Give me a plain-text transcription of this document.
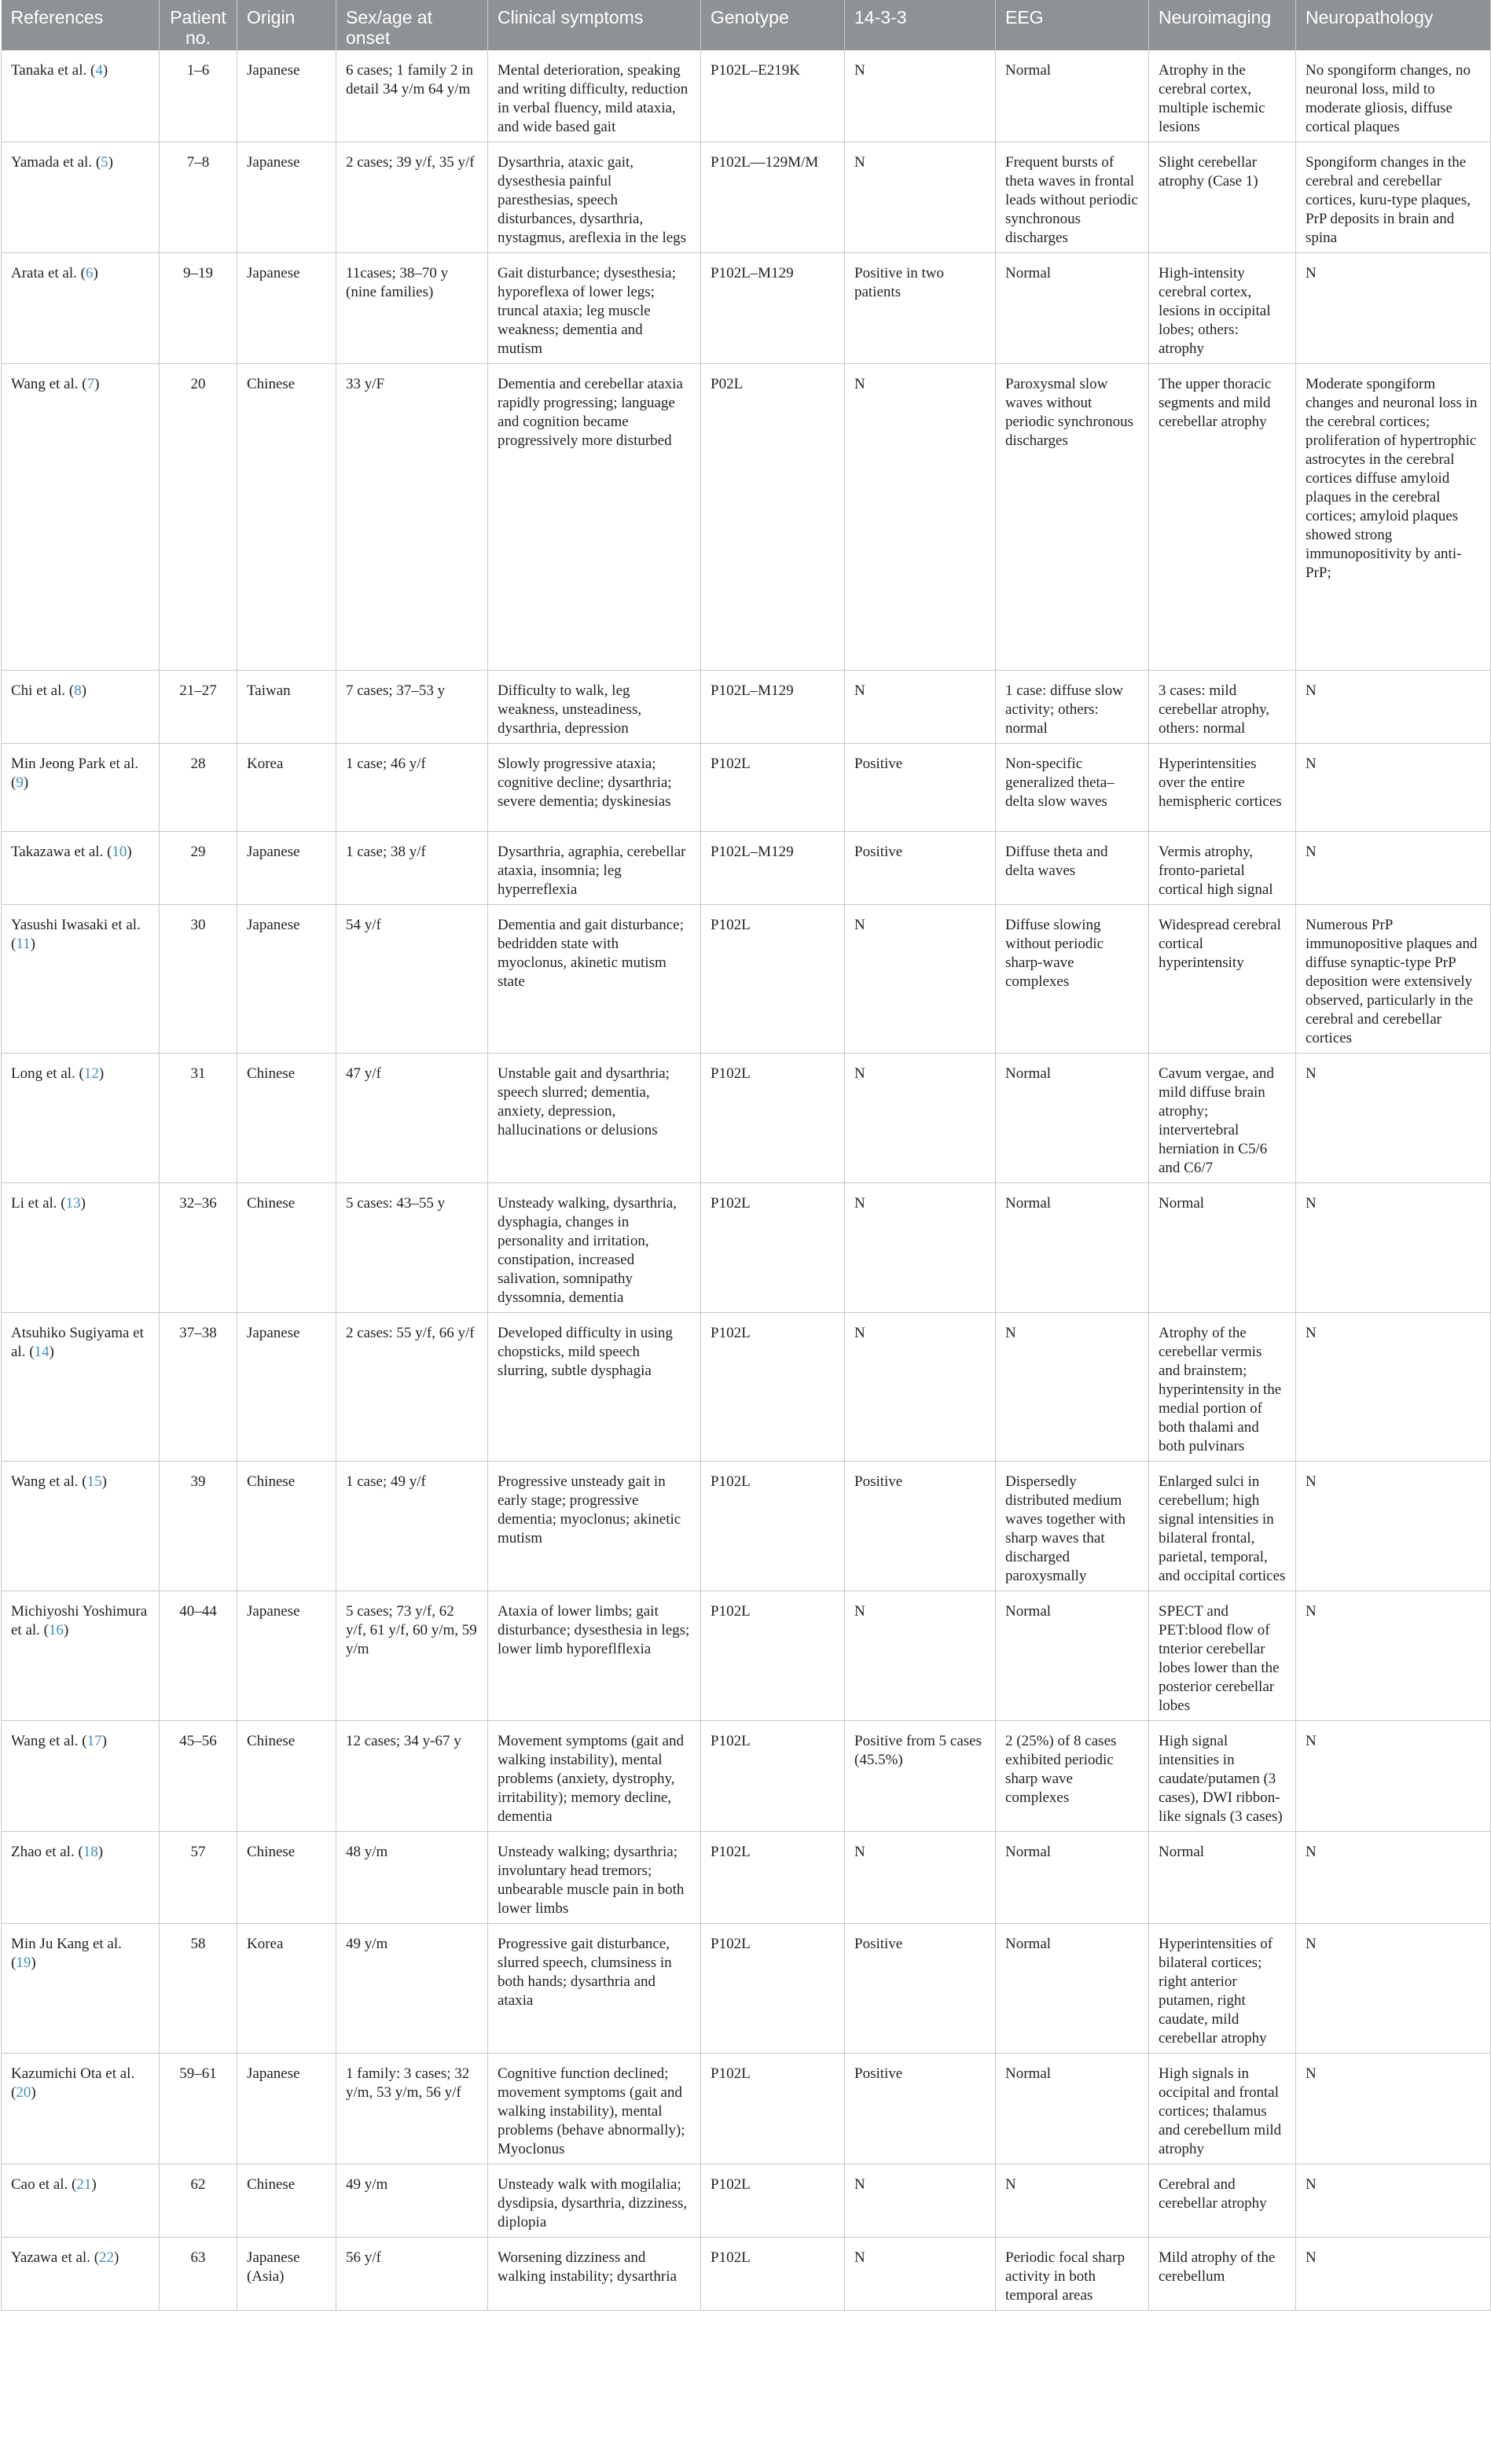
References	Patient no.	Origin	Sex/age at onset	Clinical symptoms	Genotype	14-3-3	EEG	Neuroimaging	Neuropathology
Tanaka et al. (4)	1–6	Japanese	6 cases; 1 family 2 in detail 34 y/m 64 y/m	Mental deterioration, speaking and writing difficulty, reduction in verbal fluency, mild ataxia, and wide based gait	P102L–E219K	N	Normal	Atrophy in the cerebral cortex, multiple ischemic lesions	No spongiform changes, no neuronal loss, mild to moderate gliosis, diffuse cortical plaques
Yamada et al. (5)	7–8	Japanese	2 cases; 39 y/f, 35 y/f	Dysarthria, ataxic gait, dysesthesia painful paresthesias, speech disturbances, dysarthria, nystagmus, areflexia in the legs	P102L—129M/M	N	Frequent bursts of theta waves in frontal leads without periodic synchronous discharges	Slight cerebellar atrophy (Case 1)	Spongiform changes in the cerebral and cerebellar cortices, kuru-type plaques, PrP deposits in brain and spina
Arata et al. (6)	9–19	Japanese	11cases; 38–70 y (nine families)	Gait disturbance; dysesthesia; hyporeflexa of lower legs; truncal ataxia; leg muscle weakness; dementia and mutism	P102L–M129	Positive in two patients	Normal	High-intensity cerebral cortex, lesions in occipital lobes; others: atrophy	N
Wang et al. (7)	20	Chinese	33 y/F	Dementia and cerebellar ataxia rapidly progressing; language and cognition became progressively more disturbed	P02L	N	Paroxysmal slow waves without periodic synchronous discharges	The upper thoracic segments and mild cerebellar atrophy	Moderate spongiform changes and neuronal loss in the cerebral cortices; proliferation of hypertrophic astrocytes in the cerebral cortices diffuse amyloid plaques in the cerebral cortices; amyloid plaques showed strong immunopositivity by anti-PrP;
Chi et al. (8)	21–27	Taiwan	7 cases; 37–53 y	Difficulty to walk, leg weakness, unsteadiness, dysarthria, depression	P102L–M129	N	1 case: diffuse slow activity; others: normal	3 cases: mild cerebellar atrophy, others: normal	N
Min Jeong Park et al. (9)	28	Korea	1 case; 46 y/f	Slowly progressive ataxia; cognitive decline; dysarthria; severe dementia; dyskinesias	P102L	Positive	Non-specific generalized theta–delta slow waves	Hyperintensities over the entire hemispheric cortices	N
Takazawa et al. (10)	29	Japanese	1 case; 38 y/f	Dysarthria, agraphia, cerebellar ataxia, insomnia; leg hyperreflexia	P102L–M129	Positive	Diffuse theta and delta waves	Vermis atrophy, fronto-parietal cortical high signal	N
Yasushi Iwasaki et al. (11)	30	Japanese	54 y/f	Dementia and gait disturbance; bedridden state with myoclonus, akinetic mutism state	P102L	N	Diffuse slowing without periodic sharp-wave complexes	Widespread cerebral cortical hyperintensity	Numerous PrP immunopositive plaques and diffuse synaptic-type PrP deposition were extensively observed, particularly in the cerebral and cerebellar cortices
Long et al. (12)	31	Chinese	47 y/f	Unstable gait and dysarthria; speech slurred; dementia, anxiety, depression, hallucinations or delusions	P102L	N	Normal	Cavum vergae, and mild diffuse brain atrophy; intervertebral herniation in C5/6 and C6/7	N
Li et al. (13)	32–36	Chinese	5 cases: 43–55 y	Unsteady walking, dysarthria, dysphagia, changes in personality and irritation, constipation, increased salivation, somnipathy dyssomnia, dementia	P102L	N	Normal	Normal	N
Atsuhiko Sugiyama et al. (14)	37–38	Japanese	2 cases: 55 y/f, 66 y/f	Developed difficulty in using chopsticks, mild speech slurring, subtle dysphagia	P102L	N	N	Atrophy of the cerebellar vermis and brainstem; hyperintensity in the medial portion of both thalami and both pulvinars	N
Wang et al. (15)	39	Chinese	1 case; 49 y/f	Progressive unsteady gait in early stage; progressive dementia; myoclonus; akinetic mutism	P102L	Positive	Dispersedly distributed medium waves together with sharp waves that discharged paroxysmally	Enlarged sulci in cerebellum; high signal intensities in bilateral frontal, parietal, temporal, and occipital cortices	N
Michiyoshi Yoshimura et al. (16)	40–44	Japanese	5 cases; 73 y/f, 62 y/f, 61 y/f, 60 y/m, 59 y/m	Ataxia of lower limbs; gait disturbance; dysesthesia in legs; lower limb hyporeflflexia	P102L	N	Normal	SPECT and PET:blood flow of tnterior cerebellar lobes lower than the posterior cerebellar lobes	N
Wang et al. (17)	45–56	Chinese	12 cases; 34 y-67 y	Movement symptoms (gait and walking instability), mental problems (anxiety, dystrophy, irritability); memory decline, dementia	P102L	Positive from 5 cases (45.5%)	2 (25%) of 8 cases exhibited periodic sharp wave complexes	High signal intensities in caudate/putamen (3 cases), DWI ribbon-like signals (3 cases)	N
Zhao et al. (18)	57	Chinese	48 y/m	Unsteady walking; dysarthria; involuntary head tremors; unbearable muscle pain in both lower limbs	P102L	N	Normal	Normal	N
Min Ju Kang et al. (19)	58	Korea	49 y/m	Progressive gait disturbance, slurred speech, clumsiness in both hands; dysarthria and ataxia	P102L	Positive	Normal	Hyperintensities of bilateral cortices; right anterior putamen, right caudate, mild cerebellar atrophy	N
Kazumichi Ota et al.(20)	59–61	Japanese	1 family: 3 cases; 32 y/m, 53 y/m, 56 y/f	Cognitive function declined; movement symptoms (gait and walking instability), mental problems (behave abnormally); Myoclonus	P102L	Positive	Normal	High signals in occipital and frontal cortices; thalamus and cerebellum mild atrophy	N
Cao et al. (21)	62	Chinese	49 y/m	Unsteady walk with mogilalia; dysdipsia, dysarthria, dizziness, diplopia	P102L	N	N	Cerebral and cerebellar atrophy	N
Yazawa et al. (22)	63	Japanese (Asia)	56 y/f	Worsening dizziness and walking instability; dysarthria	P102L	N	Periodic focal sharp activity in both temporal areas	Mild atrophy of the cerebellum	N
